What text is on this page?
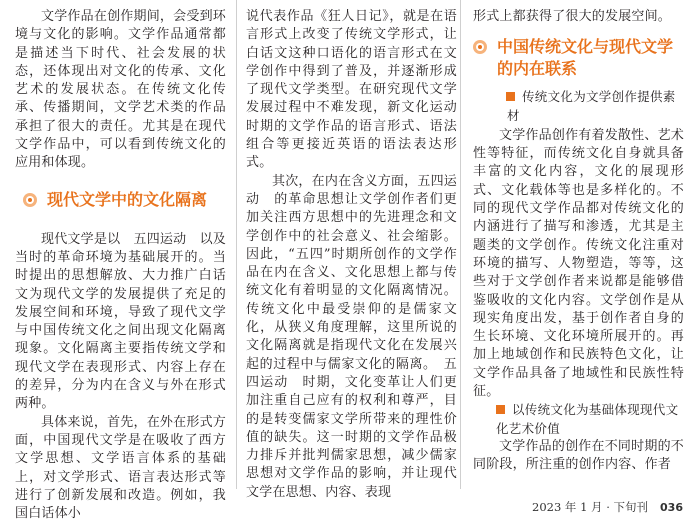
文学作品在创作期间，会受到环境与文化的影响。文学作品通常都是描述当下时代、社会发展的状态，还体现出对文化的传承、文化艺术的发展状态。在传统文化传承、传播期间，文学艺术类的作品承担了很大的责任。尤其是在现代文学作品中，可以看到传统文化的应用和体现。

现代文学中的文化隔离

现代文学是以　五四运动　以及当时的革命环境为基础展开的。当时提出的思想解放、大力推广白话文为现代文学的发展提供了充足的发展空间和环境，导致了现代文学与中国传统文化之间出现文化隔离现象。文化隔离主要指传统文学和现代文学在表现形式、内容上存在的差异，分为内在含义与外在形式两种。

具体来说，首先，在外在形式方面，中国现代文学是在吸收了西方文学思想、文学语言体系的基础上，对文学形式、语言表达形式等进行了创新发展和改造。例如，我国白话体小

说代表作品《狂人日记》，就是在语言形式上改变了传统文学形式，让白话文这种口语化的语言形式在文学创作中得到了普及，并逐渐形成了现代文学类型。在研究现代文学发展过程中不难发现，新文化运动时期的文学作品的语言形式、语法组合等更接近英语的语法表达形式。

其次，在内在含义方面，五四运动　的革命思想让文学创作者们更加关注西方思想中的先进理念和文学创作中的社会意义、社会缩影。因此，“五四”时期所创作的文学作品在内在含义、文化思想上都与传统文化有着明显的文化隔离情况。传统文化中最受崇仰的是儒家文化，从狭义角度理解，这里所说的文化隔离就是指现代文化在发展兴起的过程中与儒家文化的隔离。　五四运动　时期，文化变革让人们更加注重自己应有的权利和尊严，目的是转变儒家文学所带来的理性价值的缺失。这一时期的文学作品极力排斥并批判儒家思想，减少儒家思想对文学作品的影响，并让现代文学在思想、内容、表现

形式上都获得了很大的发展空间。

中国传统文化与现代文学的内在联系
传统文化为文学创作提供素材

文学作品创作有着发散性、艺术性等特征，而传统文化自身就具备丰富的文化内容，文化的展现形式、文化载体等也是多样化的。不同的现代文学作品都对传统文化的内涵进行了描写和渗透，尤其是主题类的文学创作。传统文化注重对环境的描写、人物塑造，等等，这些对于文学创作者来说都是能够借鉴吸收的文化内容。文学创作是从现实角度出发，基于创作者自身的生长环境、文化环境所展开的。再加上地域创作和民族特色文化，让文学作品具备了地域性和民族性特征。

以传统文化为基础体现现代文化艺术价值

文学作品的创作在不同时期的不同阶段，所注重的创作内容、作者

2023 年 1 月 · 下旬刊 036
